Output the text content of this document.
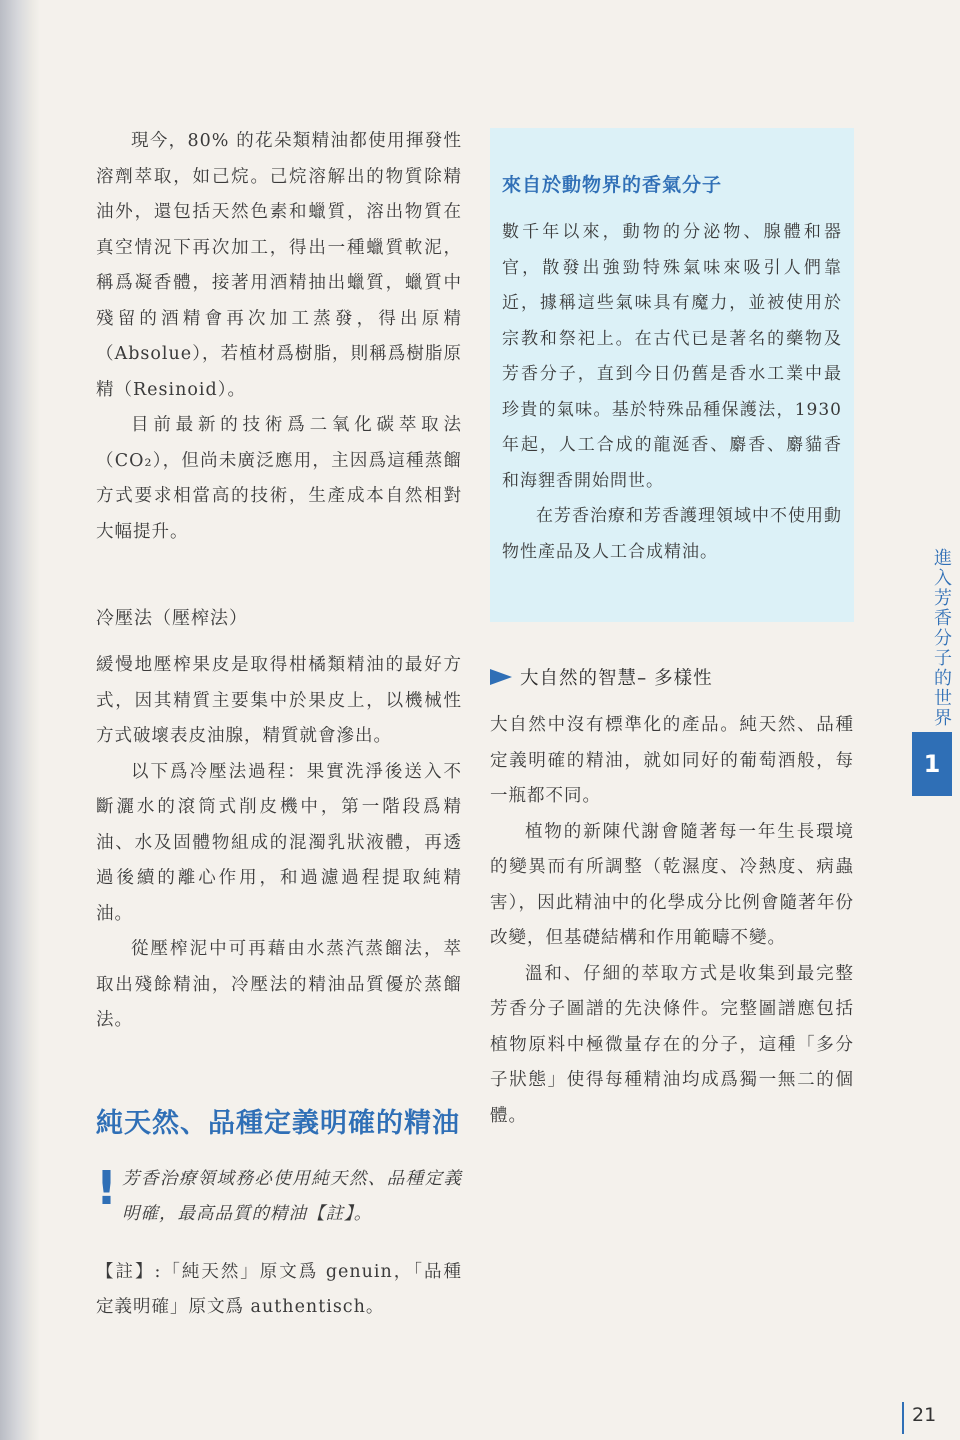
現今，80% 的花朵類精油都使用揮發性溶劑萃取，如己烷。己烷溶解出的物質除精油外，還包括天然色素和蠟質，溶出物質在真空情況下再次加工，得出一種蠟質軟泥，稱爲凝香體，接著用酒精抽出蠟質，蠟質中殘留的酒精會再次加工蒸發，得出原精（Absolue），若植材爲樹脂，則稱爲樹脂原精（Resinoid）。

目前最新的技術爲二氧化碳萃取法（CO₂），但尚未廣泛應用，主因爲這種蒸餾方式要求相當高的技術，生產成本自然相對大幅提升。

冷壓法（壓榨法）

緩慢地壓榨果皮是取得柑橘類精油的最好方式，因其精質主要集中於果皮上，以機械性方式破壞表皮油腺，精質就會滲出。

以下爲冷壓法過程：果實洗淨後送入不斷灑水的滾筒式削皮機中，第一階段爲精油、水及固體物組成的混濁乳狀液體，再透過後續的離心作用，和過濾過程提取純精油。

從壓榨泥中可再藉由水蒸汽蒸餾法，萃取出殘餘精油，冷壓法的精油品質優於蒸餾法。

純天然、品種定義明確的精油
! 芳香治療領域務必使用純天然、品種定義明確，最高品質的精油【註】。

【註】:「純天然」原文爲 genuin，「品種定義明確」原文爲 authentisch。

來自於動物界的香氣分子

數千年以來，動物的分泌物、腺體和器官，散發出強勁特殊氣味來吸引人們靠近，據稱這些氣味具有魔力，並被使用於宗教和祭祀上。在古代已是著名的藥物及芳香分子，直到今日仍舊是香水工業中最珍貴的氣味。基於特殊品種保護法，1930年起，人工合成的龍涎香、麝香、麝貓香和海貍香開始問世。

在芳香治療和芳香護理領域中不使用動物性產品及人工合成精油。

大自然的智慧– 多樣性

大自然中沒有標準化的產品。純天然、品種定義明確的精油，就如同好的葡萄酒般，每一瓶都不同。

植物的新陳代謝會隨著每一年生長環境的變異而有所調整（乾濕度、冷熱度、病蟲害），因此精油中的化學成分比例會隨著年份改變，但基礎結構和作用範疇不變。

溫和、仔細的萃取方式是收集到最完整芳香分子圖譜的先決條件。完整圖譜應包括植物原料中極微量存在的分子，這種「多分子狀態」使得每種精油均成爲獨一無二的個體。

進入芳香分子的世界
1
21
